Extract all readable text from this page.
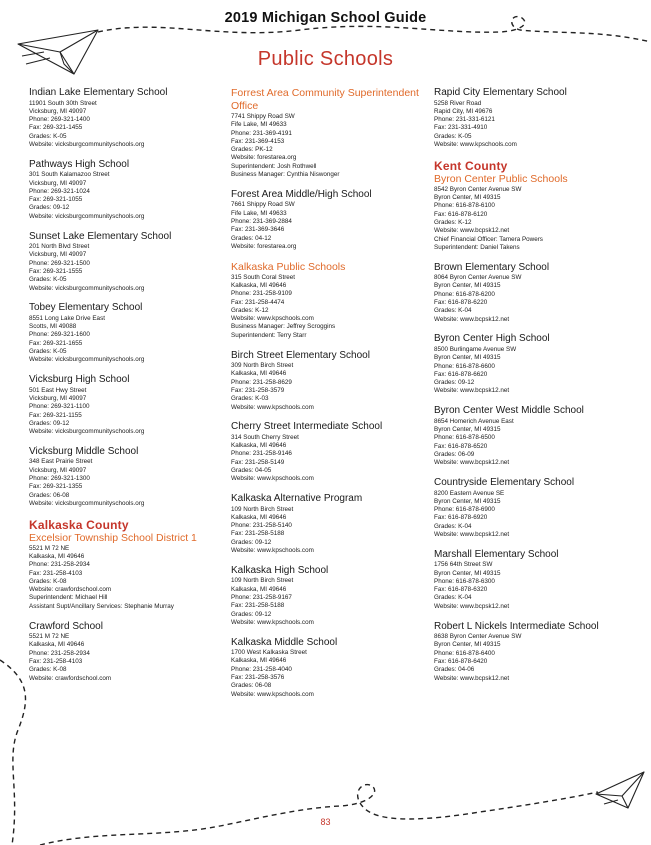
2019 Michigan School Guide
Public Schools
Indian Lake Elementary School
11901 South 30th Street
Vicksburg, MI 49097
Phone: 269-321-1400
Fax: 269-321-1455
Grades: K-05
Website: vicksburgcommunityschools.org
Pathways High School
301 South Kalamazoo Street
Vicksburg, MI 49097
Phone: 269-321-1024
Fax: 269-321-1055
Grades: 09-12
Website: vicksburgcommunityschools.org
Sunset Lake Elementary School
201 North Blvd Street
Vicksburg, MI 49097
Phone: 269-321-1500
Fax: 269-321-1555
Grades: K-05
Website: vicksburgcommunityschools.org
Tobey Elementary School
8551 Long Lake Drive East
Scotts, MI 49088
Phone: 269-321-1600
Fax: 269-321-1655
Grades: K-05
Website: vicksburgcommunityschools.org
Vicksburg High School
501 East Hwy Street
Vicksburg, MI 49097
Phone: 269-321-1100
Fax: 269-321-1155
Grades: 09-12
Website: vicksburgcommunityschools.org
Vicksburg Middle School
348 East Prairie Street
Vicksburg, MI 49097
Phone: 269-321-1300
Fax: 269-321-1355
Grades: 06-08
Website: vicksburgcommunityschools.org
Kalkaska County
Excelsior Township School District 1
5521 M 72 NE
Kalkaska, MI 49646
Phone: 231-258-2934
Fax: 231-258-4103
Grades: K-08
Website: crawfordschool.com
Superintendent: Michael Hill
Assistant Supt/Ancillary Services: Stephanie Murray
Crawford School
5521 M 72 NE
Kalkaska, MI 49646
Phone: 231-258-2934
Fax: 231-258-4103
Grades: K-08
Website: crawfordschool.com
Forrest Area Community Superintendent Office
7741 Shippy Road SW
Fife Lake, MI 49633
Phone: 231-369-4191
Fax: 231-369-4153
Grades: PK-12
Website: forestarea.org
Superintendent: Josh Rothwell
Business Manager: Cynthia Niswonger
Forest Area Middle/High School
7661 Shippy Road SW
Fife Lake, MI 49633
Phone: 231-369-2884
Fax: 231-369-3646
Grades: 04-12
Website: forestarea.org
Kalkaska Public Schools
315 South Coral Street
Kalkaska, MI 49646
Phone: 231-258-9109
Fax: 231-258-4474
Grades: K-12
Website: www.kpschools.com
Business Manager: Jeffrey Scroggins
Superintendent: Terry Starr
Birch Street Elementary School
309 North Birch Street
Kalkaska, MI 49646
Phone: 231-258-8629
Fax: 231-258-3579
Grades: K-03
Website: www.kpschools.com
Cherry Street Intermediate School
314 South Cherry Street
Kalkaska, MI 49646
Phone: 231-258-9146
Fax: 231-258-5149
Grades: 04-05
Website: www.kpschools.com
Kalkaska Alternative Program
109 North Birch Street
Kalkaska, MI 49646
Phone: 231-258-5140
Fax: 231-258-5188
Grades: 09-12
Website: www.kpschools.com
Kalkaska High School
109 North Birch Street
Kalkaska, MI 49646
Phone: 231-258-9167
Fax: 231-258-5188
Grades: 09-12
Website: www.kpschools.com
Kalkaska Middle School
1700 West Kalkaska Street
Kalkaska, MI 49646
Phone: 231-258-4040
Fax: 231-258-3576
Grades: 06-08
Website: www.kpschools.com
Rapid City Elementary School
5258 River Road
Rapid City, MI 49676
Phone: 231-331-6121
Fax: 231-331-4910
Grades: K-05
Website: www.kpschools.com
Kent County
Byron Center Public Schools
8542 Byron Center Avenue SW
Byron Center, MI 49315
Phone: 616-878-6100
Fax: 616-878-6120
Grades: K-12
Website: www.bcpsk12.net
Chief Financial Officer: Tamera Powers
Superintendent: Daniel Takens
Brown Elementary School
8064 Byron Center Avenue SW
Byron Center, MI 49315
Phone: 616-878-6200
Fax: 616-878-6220
Grades: K-04
Website: www.bcpsk12.net
Byron Center High School
8500 Burlingame Avenue SW
Byron Center, MI 49315
Phone: 616-878-6600
Fax: 616-878-6620
Grades: 09-12
Website: www.bcpsk12.net
Byron Center West Middle School
8654 Homerich Avenue East
Byron Center, MI 49315
Phone: 616-878-6500
Fax: 616-878-6520
Grades: 06-09
Website: www.bcpsk12.net
Countryside Elementary School
8200 Eastern Avenue SE
Byron Center, MI 49315
Phone: 616-878-6900
Fax: 616-878-6920
Grades: K-04
Website: www.bcpsk12.net
Marshall Elementary School
1756 64th Street SW
Byron Center, MI 49315
Phone: 616-878-6300
Fax: 616-878-6320
Grades: K-04
Website: www.bcpsk12.net
Robert L Nickels Intermediate School
8638 Byron Center Avenue SW
Byron Center, MI 49315
Phone: 616-878-6400
Fax: 616-878-6420
Grades: 04-06
Website: www.bcpsk12.net
83
